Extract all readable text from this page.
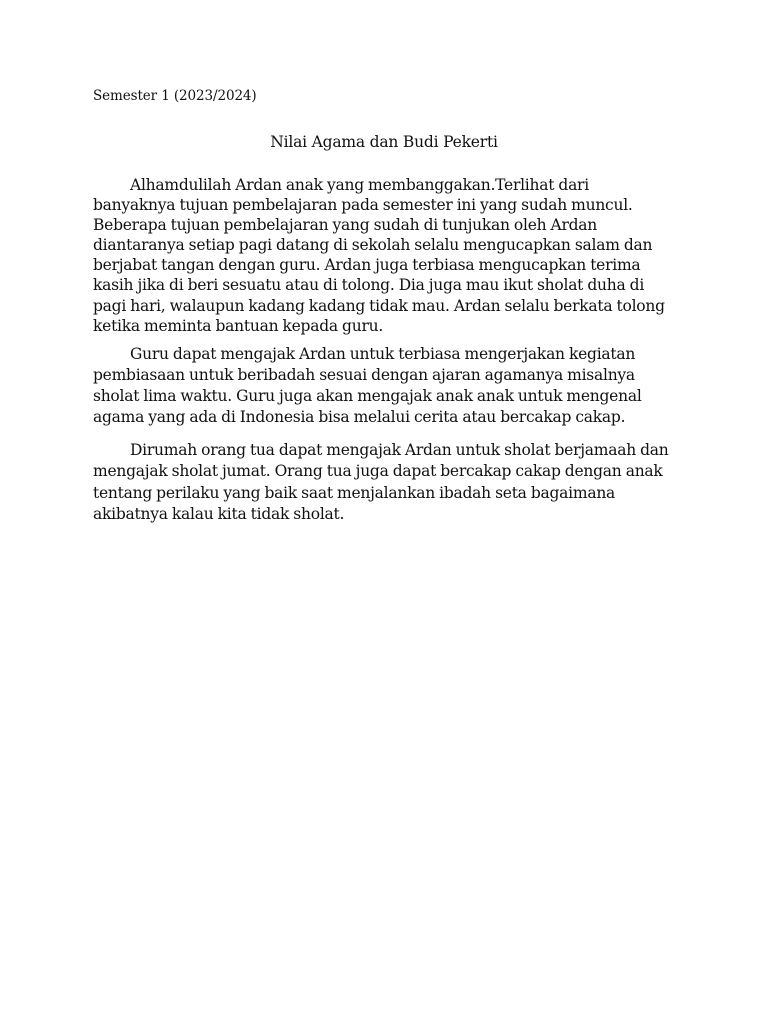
Semester 1 (2023/2024)
Nilai Agama dan Budi Pekerti
Alhamdulilah Ardan anak yang membanggakan.Terlihat dari
banyaknya tujuan pembelajaran pada semester ini yang sudah muncul.
Beberapa tujuan pembelajaran yang sudah di tunjukan oleh Ardan
diantaranya setiap pagi datang di sekolah selalu mengucapkan salam dan
berjabat tangan dengan guru. Ardan juga terbiasa mengucapkan terima
kasih jika di beri sesuatu atau di tolong. Dia juga mau ikut sholat duha di
pagi hari, walaupun kadang kadang tidak mau. Ardan selalu berkata tolong
ketika meminta bantuan kepada guru.
Guru dapat mengajak Ardan untuk terbiasa mengerjakan kegiatan
pembiasaan untuk beribadah sesuai dengan ajaran agamanya misalnya
sholat lima waktu. Guru juga akan mengajak anak anak untuk mengenal
agama yang ada di Indonesia bisa melalui cerita atau bercakap cakap.
Dirumah orang tua dapat mengajak Ardan untuk sholat berjamaah dan
mengajak sholat jumat. Orang tua juga dapat bercakap cakap dengan anak
tentang perilaku yang baik saat menjalankan ibadah seta bagaimana
akibatnya kalau kita tidak sholat.
